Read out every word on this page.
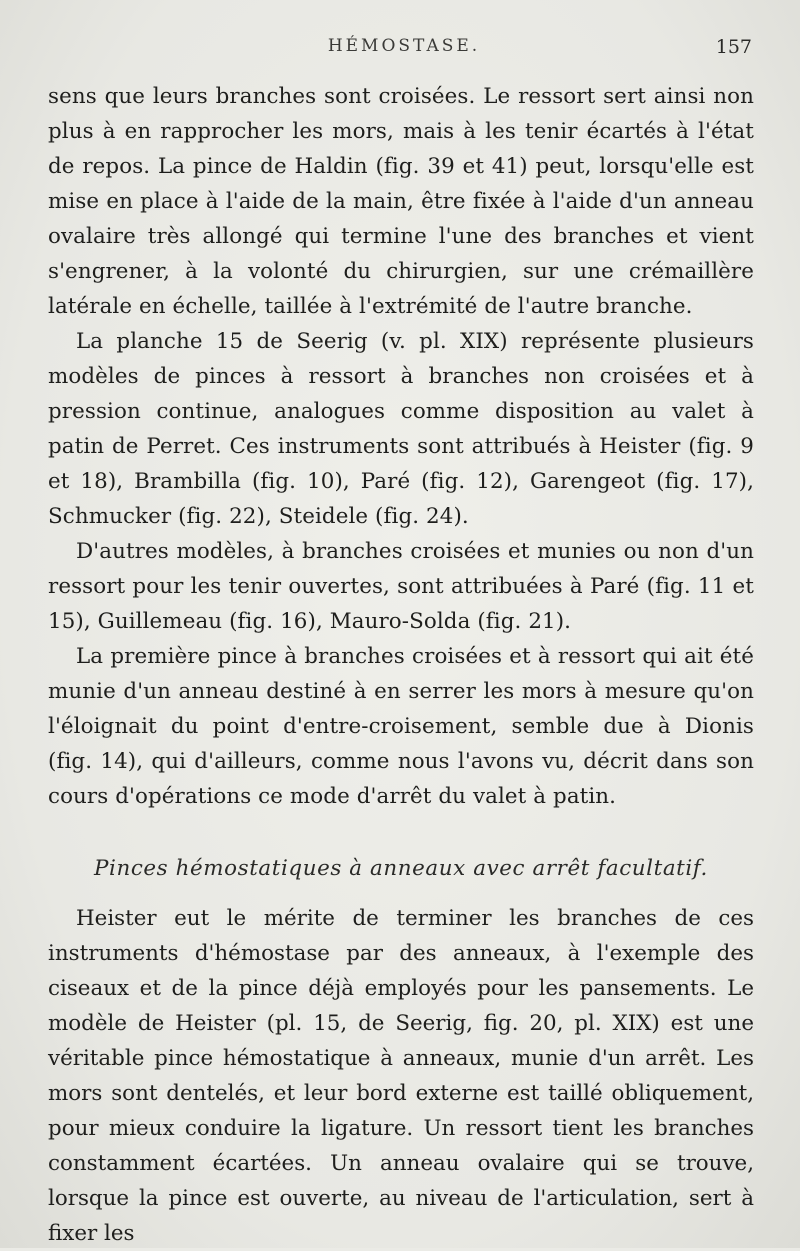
HÉMOSTASE.	157

sens que leurs branches sont croisées. Le ressort sert ainsi non plus à en rapprocher les mors, mais à les tenir écartés à l'état de repos. La pince de Haldin (fig. 39 et 41) peut, lorsqu'elle est mise en place à l'aide de la main, être fixée à l'aide d'un anneau ovalaire très allongé qui termine l'une des branches et vient s'engrener, à la volonté du chirurgien, sur une crémaillère latérale en échelle, taillée à l'extrémité de l'autre branche.

La planche 15 de Seerig (v. pl. XIX) représente plusieurs modèles de pinces à ressort à branches non croisées et à pression continue, analogues comme disposition au valet à patin de Perret. Ces instruments sont attribués à Heister (fig. 9 et 18), Brambilla (fig. 10), Paré (fig. 12), Garengeot (fig. 17), Schmucker (fig. 22), Steidele (fig. 24).

D'autres modèles, à branches croisées et munies ou non d'un ressort pour les tenir ouvertes, sont attribuées à Paré (fig. 11 et 15), Guillemeau (fig. 16), Mauro-Solda (fig. 21).

La première pince à branches croisées et à ressort qui ait été munie d'un anneau destiné à en serrer les mors à mesure qu'on l'éloignait du point d'entre-croisement, semble due à Dionis (fig. 14), qui d'ailleurs, comme nous l'avons vu, décrit dans son cours d'opérations ce mode d'arrêt du valet à patin.

Pinces hémostatiques à anneaux avec arrêt facultatif.

Heister eut le mérite de terminer les branches de ces instruments d'hémostase par des anneaux, à l'exemple des ciseaux et de la pince déjà employés pour les pansements. Le modèle de Heister (pl. 15, de Seerig, fig. 20, pl. XIX) est une véritable pince hémostatique à anneaux, munie d'un arrêt. Les mors sont dentelés, et leur bord externe est taillé obliquement, pour mieux conduire la ligature. Un ressort tient les branches constamment écartées. Un anneau ovalaire qui se trouve, lorsque la pince est ouverte, au niveau de l'articulation, sert à fixer les
